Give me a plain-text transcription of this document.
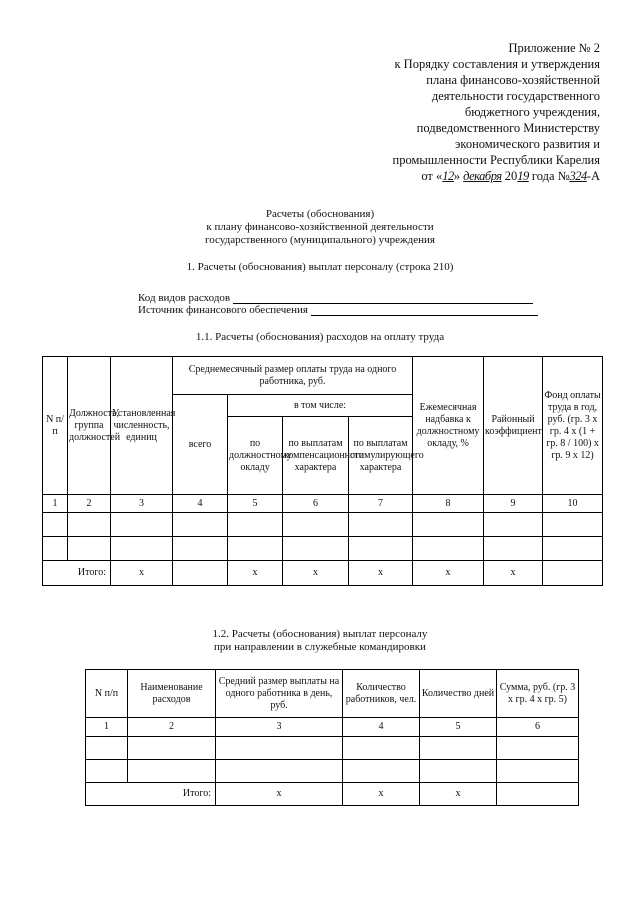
Приложение № 2
к Порядку составления и утверждения
плана финансово-хозяйственной
деятельности государственного
бюджетного учреждения,
подведомственного Министерству
экономического развития и
промышленности Республики Карелия
от «12» декабря 2019 года №324-А
Расчеты (обоснования)
к плану финансово-хозяйственной деятельности
государственного (муниципального) учреждения
1. Расчеты (обоснования) выплат персоналу (строка 210)
Код видов расходов
Источник финансового обеспечения
1.1. Расчеты (обоснования) расходов на оплату труда
N п/п	Должность, группа должностей	Установленная численность, единиц	Среднемесячный размер оплаты труда на одного работника, руб.				Ежемесячная надбавка к должностному окладу, %	Районный коэффициент	Фонд оплаты труда в год, руб. (гр. 3 x гр. 4 x (1 + гр. 8 / 100) x гр. 9 x 12)
			всего	в том числе:					
				по должностному окладу	по выплатам компенсационного характера	по выплатам стимулирующего характера			
1	2	3	4	5	6	7	8	9	10

Итого:		x		x	x	x	x	x	
1.2. Расчеты (обоснования) выплат персоналу
при направлении в служебные командировки
N п/п	Наименование расходов	Средний размер выплаты на одного работника в день, руб.	Количество работников, чел.	Количество дней	Сумма, руб. (гр. 3 x гр. 4 x гр. 5)
1	2	3	4	5	6

Итого:		x	x	x	
